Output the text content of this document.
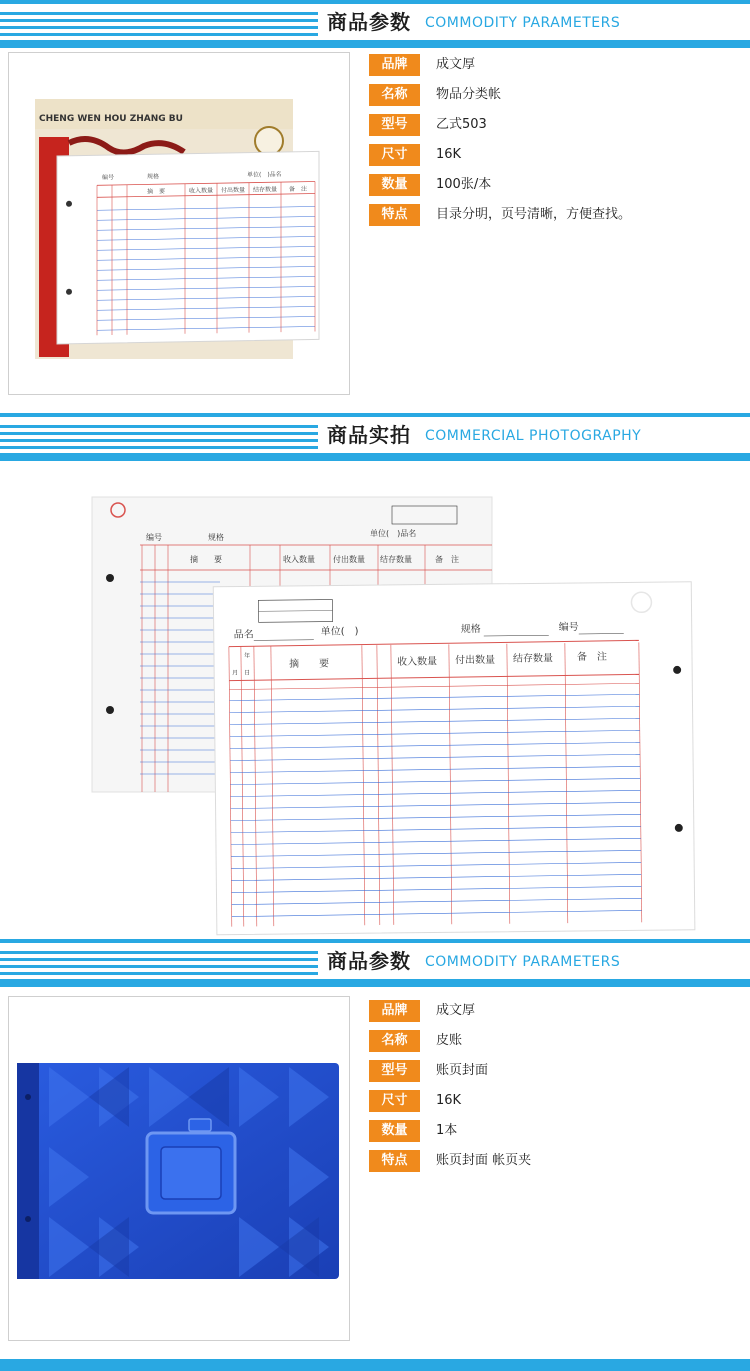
商品参数 COMMODITY PARAMETERS
CHENG WEN HOU ZHANG BU
摘　要	收入数量 付出数量 结存数量 备　注
编号	规格	单位(　)品名
品牌	成文厚
名称	物品分类帐
型号	乙式503
尺寸	16K
数量	100张/本
特点	目录分明，页号清晰，方便查找。
商品实拍 COMMERCIAL PHOTOGRAPHY
编号	规格	单位(　)品名
摘　　要	收入数量 付出数量 结存数量	备　注
品名	单位(　)	规格	编号
摘　　要	收入数量 付出数量 结存数量 备　注
年
月 日
商品参数 COMMODITY PARAMETERS
品牌	成文厚
名称	皮账
型号	账页封面
尺寸	16K
数量	1本
特点	账页封面 帐页夹
